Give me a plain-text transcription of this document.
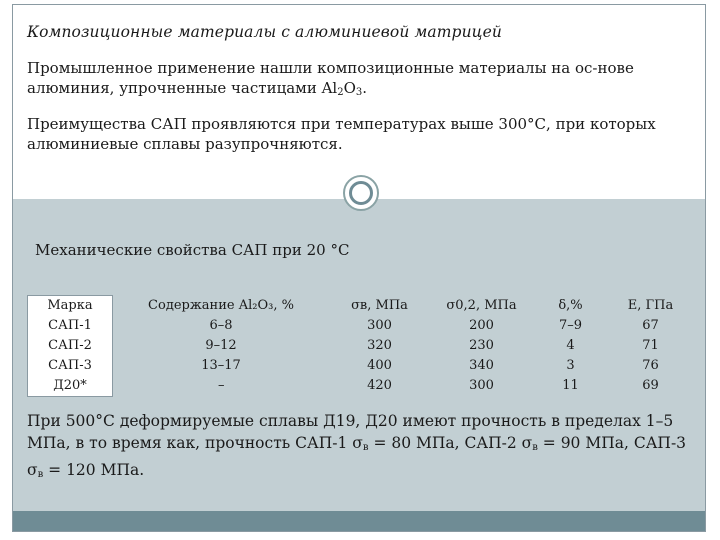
Композиционные материалы с алюминиевой матрицей
Промышленное применение нашли композиционные материалы на ос-нове алюминия, упрочненные частицами $Al_2O_3$.
Преимущества САП проявляются при температурах выше 300°С, при которых алюминиевые сплавы разупрочняются.
Механические свойства САП при 20 °С
Марка	Содержание Al₂O₃, %	σв, МПа	σ0,2, МПа	δ,%	Е, ГПа
САП-1	6–8	300	200	7–9	67
САП-2	9–12	320	230	4	71
САП-3	13–17	400	340	3	76
Д20*	–	420	300	11	69
При 500°С деформируемые сплавы Д19, Д20 имеют прочность в пределах 1–5 МПа, в то время как, прочность САП-1 $\sigma_в = 80$ МПа, САП-2 $\sigma_в = 90$ МПа, САП-3 $\sigma_в = 120$ МПа.
